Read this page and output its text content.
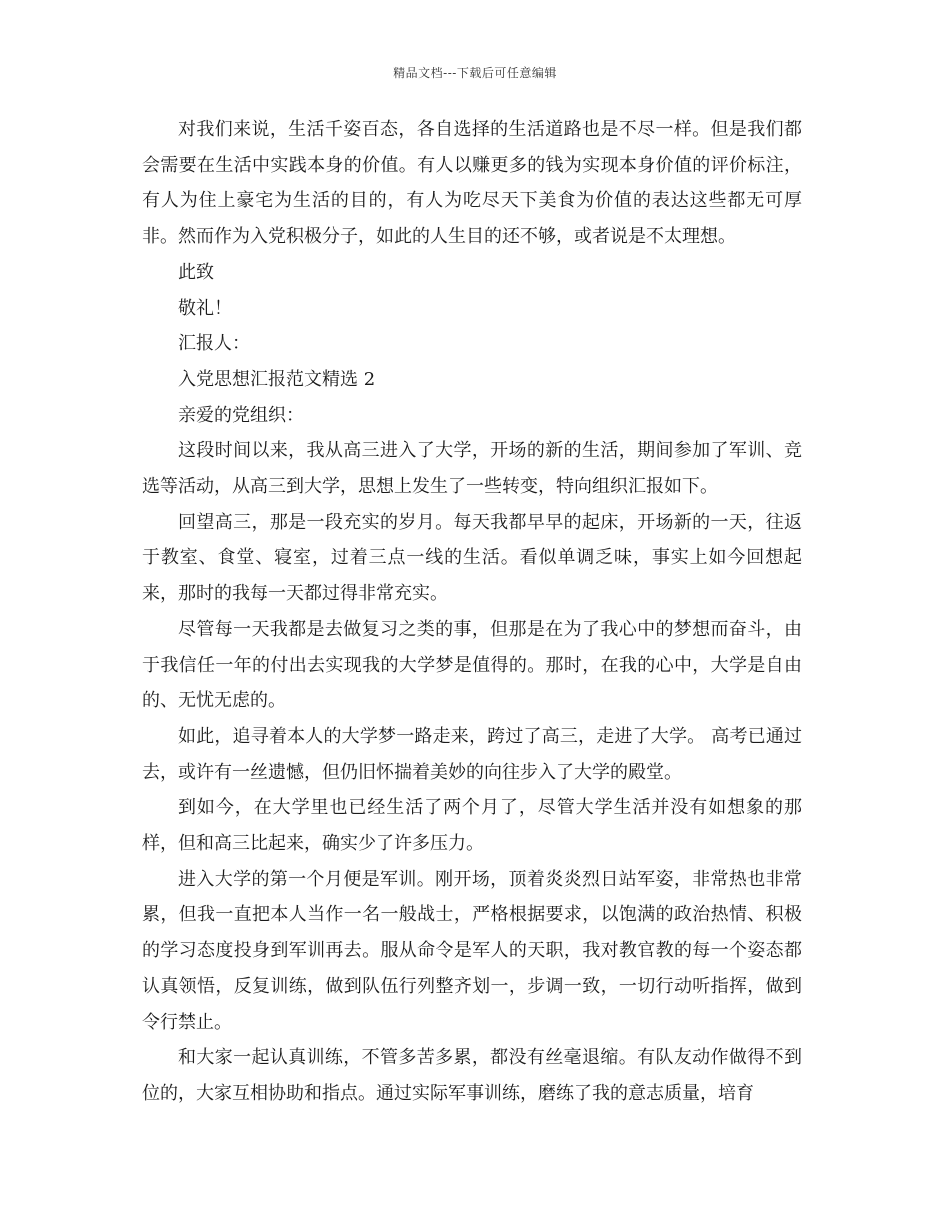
精品文档---下载后可任意编辑

对我们来说，生活千姿百态，各自选择的生活道路也是不尽一样。但是我们都会需要在生活中实践本身的价值。有人以赚更多的钱为实现本身价值的评价标注，有人为住上豪宅为生活的目的，有人为吃尽天下美食为价值的表达这些都无可厚非。然而作为入党积极分子，如此的人生目的还不够，或者说是不太理想。

此致

敬礼！

汇报人：

入党思想汇报范文精选 2

亲爱的党组织：

这段时间以来，我从高三进入了大学，开场的新的生活，期间参加了军训、竞选等活动，从高三到大学，思想上发生了一些转变，特向组织汇报如下。

回望高三，那是一段充实的岁月。每天我都早早的起床，开场新的一天，往返于教室、食堂、寝室，过着三点一线的生活。看似单调乏味，事实上如今回想起来，那时的我每一天都过得非常充实。

尽管每一天我都是去做复习之类的事，但那是在为了我心中的梦想而奋斗，由于我信任一年的付出去实现我的大学梦是值得的。那时，在我的心中，大学是自由的、无忧无虑的。

如此，追寻着本人的大学梦一路走来，跨过了高三，走进了大学。 高考已通过去，或许有一丝遗憾，但仍旧怀揣着美妙的向往步入了大学的殿堂。

到如今，在大学里也已经生活了两个月了，尽管大学生活并没有如想象的那样，但和高三比起来，确实少了许多压力。

进入大学的第一个月便是军训。刚开场，顶着炎炎烈日站军姿，非常热也非常累，但我一直把本人当作一名一般战士，严格根据要求，以饱满的政治热情、积极的学习态度投身到军训再去。服从命令是军人的天职，我对教官教的每一个姿态都认真领悟，反复训练，做到队伍行列整齐划一，步调一致，一切行动听指挥，做到令行禁止。

和大家一起认真训练，不管多苦多累，都没有丝毫退缩。有队友动作做得不到位的，大家互相协助和指点。通过实际军事训练，磨练了我的意志质量，培育
